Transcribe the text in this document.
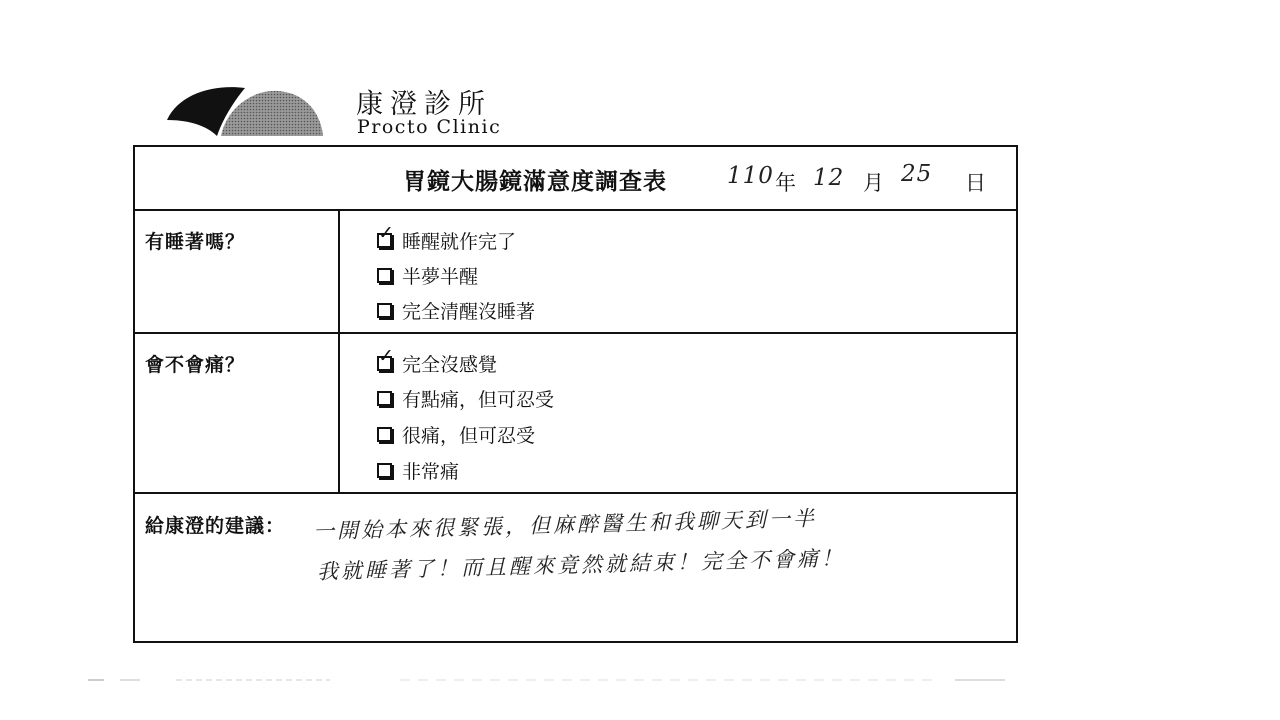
康澄診所
Procto Clinic
胃鏡大腸鏡滿意度調查表	110 年 12 月 25 日
有睡著嗎？	✓ 睡醒就作完了
半夢半醒
完全清醒沒睡著
會不會痛？	✓ 完全沒感覺
有點痛，但可忍受
很痛，但可忍受
非常痛
給康澄的建議： 一開始本來很緊張，但麻醉醫生和我聊天到一半
我就睡著了！而且醒來竟然就結束！完全不會痛！
